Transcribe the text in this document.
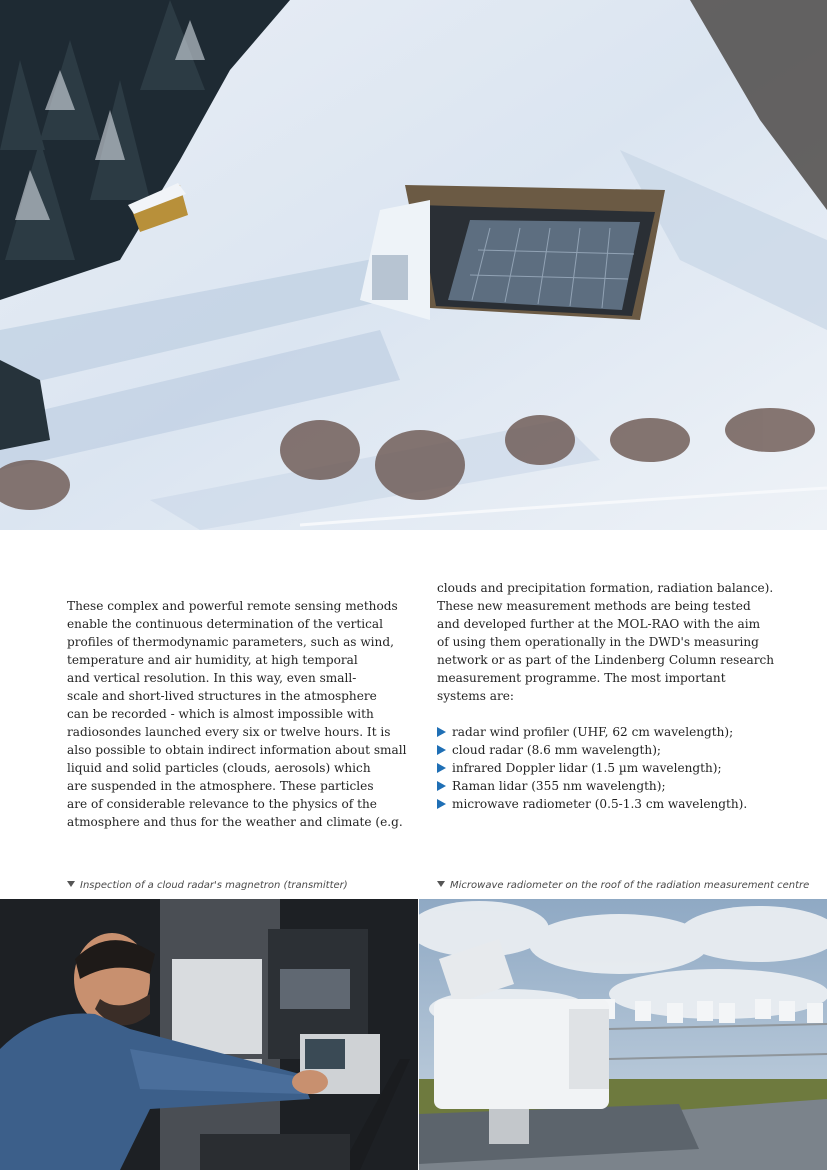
These complex and powerful remote sensing methods

enable the continuous determination of the vertical

profiles of thermodynamic parameters, such as wind,

temperature and air humidity, at high temporal

and vertical resolution. In this way, even small-

scale and short-lived structures in the atmosphere

can be recorded - which is almost impossible with

radiosondes launched every six or twelve hours. It is

also possible to obtain indirect information about small

liquid and solid particles (clouds, aerosols) which

are suspended in the atmosphere. These particles

are of considerable relevance to the physics of the

atmosphere and thus for the weather and climate (e.g.

clouds and precipitation formation, radiation balance).

These new measurement methods are being tested

and developed further at the MOL-RAO with the aim

of using them operationally in the DWD's measuring

network or as part of the Lindenberg Column research

measurement programme. The most important

systems are:

radar wind profiler (UHF, 62 cm wavelength);
cloud radar (8.6 mm wavelength);
infrared Doppler lidar (1.5 µm wavelength);
Raman lidar (355 nm wavelength);
microwave radiometer (0.5-1.3 cm wavelength).
Inspection of a cloud radar's magnetron (transmitter)	Microwave radiometer on the roof of the radiation measurement centre
